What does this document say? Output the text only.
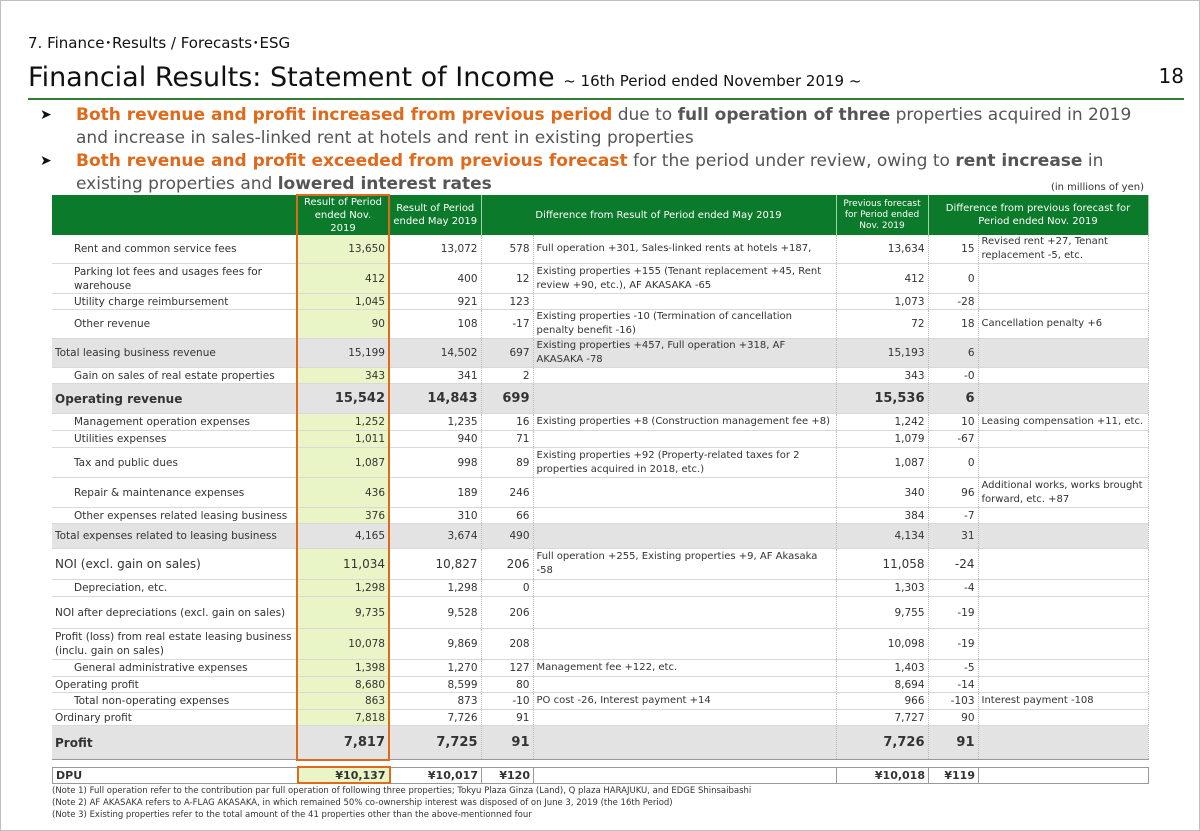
7. Finance･Results / Forecasts･ESG
Financial Results: Statement of Income ~ 16th Period ended November 2019 ~	18
➤ Both revenue and profit increased from previous period due to full operation of three properties acquired in 2019 and increase in sales-linked rent at hotels and rent in existing properties
➤ Both revenue and profit exceeded from previous forecast for the period under review, owing to rent increase in existing properties and lowered interest rates	(in millions of yen)
	Result of Period ended Nov. 2019	Result of Period ended May 2019	Difference from Result of Period ended May 2019		Previous forecast for Period ended Nov. 2019	Difference from previous forecast for Period ended Nov. 2019	
Rent and common service fees	13,650	13,072	578	Full operation +301, Sales-linked rents at hotels +187,	13,634	15	Revised rent +27, Tenant replacement -5, etc.
Parking lot fees and usages fees for warehouse	412	400	12	Existing properties +155 (Tenant replacement +45, Rent review +90, etc.), AF AKASAKA -65	412	0	
Utility charge reimbursement	1,045	921	123		1,073	-28	
Other revenue	90	108	-17	Existing properties -10 (Termination of cancellation penalty benefit -16)	72	18	Cancellation penalty +6
Total leasing business revenue	15,199	14,502	697	Existing properties +457, Full operation +318, AF AKASAKA -78	15,193	6	
Gain on sales of real estate properties	343	341	2		343	-0	
Operating revenue	15,542	14,843	699		15,536	6	
Management operation expenses	1,252	1,235	16	Existing properties +8 (Construction management fee +8)	1,242	10	Leasing compensation +11, etc.
Utilities expenses	1,011	940	71		1,079	-67	
Tax and public dues	1,087	998	89	Existing properties +92 (Property-related taxes for 2 properties acquired in 2018, etc.)	1,087	0	
Repair & maintenance expenses	436	189	246		340	96	Additional works, works brought forward, etc. +87
Other expenses related leasing business	376	310	66		384	-7	
Total expenses related to leasing business	4,165	3,674	490		4,134	31	
NOI (excl. gain on sales)	11,034	10,827	206	Full operation +255, Existing properties +9, AF Akasaka -58	11,058	-24	
Depreciation, etc.	1,298	1,298	0		1,303	-4	
NOI after depreciations (excl. gain on sales)	9,735	9,528	206		9,755	-19	
Profit (loss) from real estate leasing business (inclu. gain on sales)	10,078	9,869	208		10,098	-19	
General administrative expenses	1,398	1,270	127	Management fee +122, etc.	1,403	-5	
Operating profit	8,680	8,599	80		8,694	-14	
Total non-operating expenses	863	873	-10	PO cost -26, Interest payment +14	966	-103	Interest payment -108
Ordinary profit	7,818	7,726	91		7,727	90	
Profit	7,817	7,725	91		7,726	91	
DPU	¥10,137	¥10,017	¥120		¥10,018	¥119	
(Note 1) Full operation refer to the contribution par full operation of following three properties; Tokyu Plaza Ginza (Land), Q plaza HARAJUKU, and EDGE Shinsaibashi
(Note 2) AF AKASAKA refers to A-FLAG AKASAKA, in which remained 50% co-ownership interest was disposed of on June 3, 2019 (the 16th Period)
(Note 3) Existing properties refer to the total amount of the 41 properties other than the above-mentionned four
